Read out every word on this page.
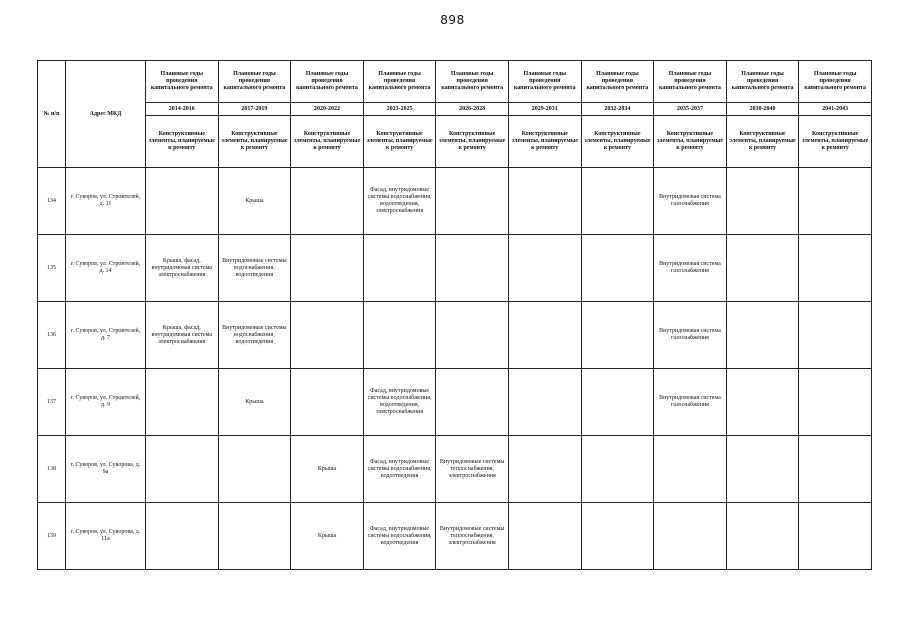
898
№ п/п	Адрес МКД	Плановые годы проведения капитального ремонта	Плановые годы проведения капитального ремонта	Плановые годы проведения капитального ремонта	Плановые годы проведения капитального ремонта	Плановые годы проведения капитального ремонта	Плановые годы проведения капитального ремонта	Плановые годы проведения капитального ремонта	Плановые годы проведения капитального ремонта	Плановые годы проведения капитального ремонта	Плановые годы проведения капитального ремонта
		2014-2016	2017-2019	2020-2022	2023-2025	2026-2028	2029-2031	2032-2034	2035-2037	2038-2040	2041-2043
		Конструктивные элементы, планируемые к ремонту	Конструктивные элементы, планируемые к ремонту	Конструктивные элементы, планируемые к ремонту	Конструктивные элементы, планируемые к ремонту	Конструктивные элементы, планируемые к ремонту	Конструктивные элементы, планируемые к ремонту	Конструктивные элементы, планируемые к ремонту	Конструктивные элементы, планируемые к ремонту	Конструктивные элементы, планируемые к ремонту	Конструктивные элементы, планируемые к ремонту
134	г. Суворов, ул. Строителей, д. 11		Крыша		Фасад, внутридомовые системы водоснабжения, водоотведения, электроснабжения				Внутридомовая система газоснабжения		
135	г. Суворов, ул. Строителей, д. 14	Крыша, фасад, внутридомовая система электроснабжения	Внутридомовые системы водоснабжения, водоотведения						Внутридомовая система газоснабжения		
136	г. Суворов, ул. Строителей, д. 7	Крыша, фасад, внутридомовая система электроснабжения	Внутридомовые системы водоснабжения, водоотведения						Внутридомовая система газоснабжения		
137	г. Суворов, ул. Строителей, д. 9		Крыша		Фасад, внутридомовые системы водоснабжения, водоотведения, электроснабжения				Внутридомовая система газоснабжения		
138	г. Суворов, ул. Суворова, д. 9а			Крыша	Фасад, внутридомовые системы водоснабжения, водоотведения	Внутридомовые системы теплоснабжения, электроснабжения					
139	г. Суворов, ул. Суворова, д. 11а			Крыша	Фасад, внутридомовые системы водоснабжения, водоотведения	Внутридомовые системы теплоснабжения, электроснабжения					
